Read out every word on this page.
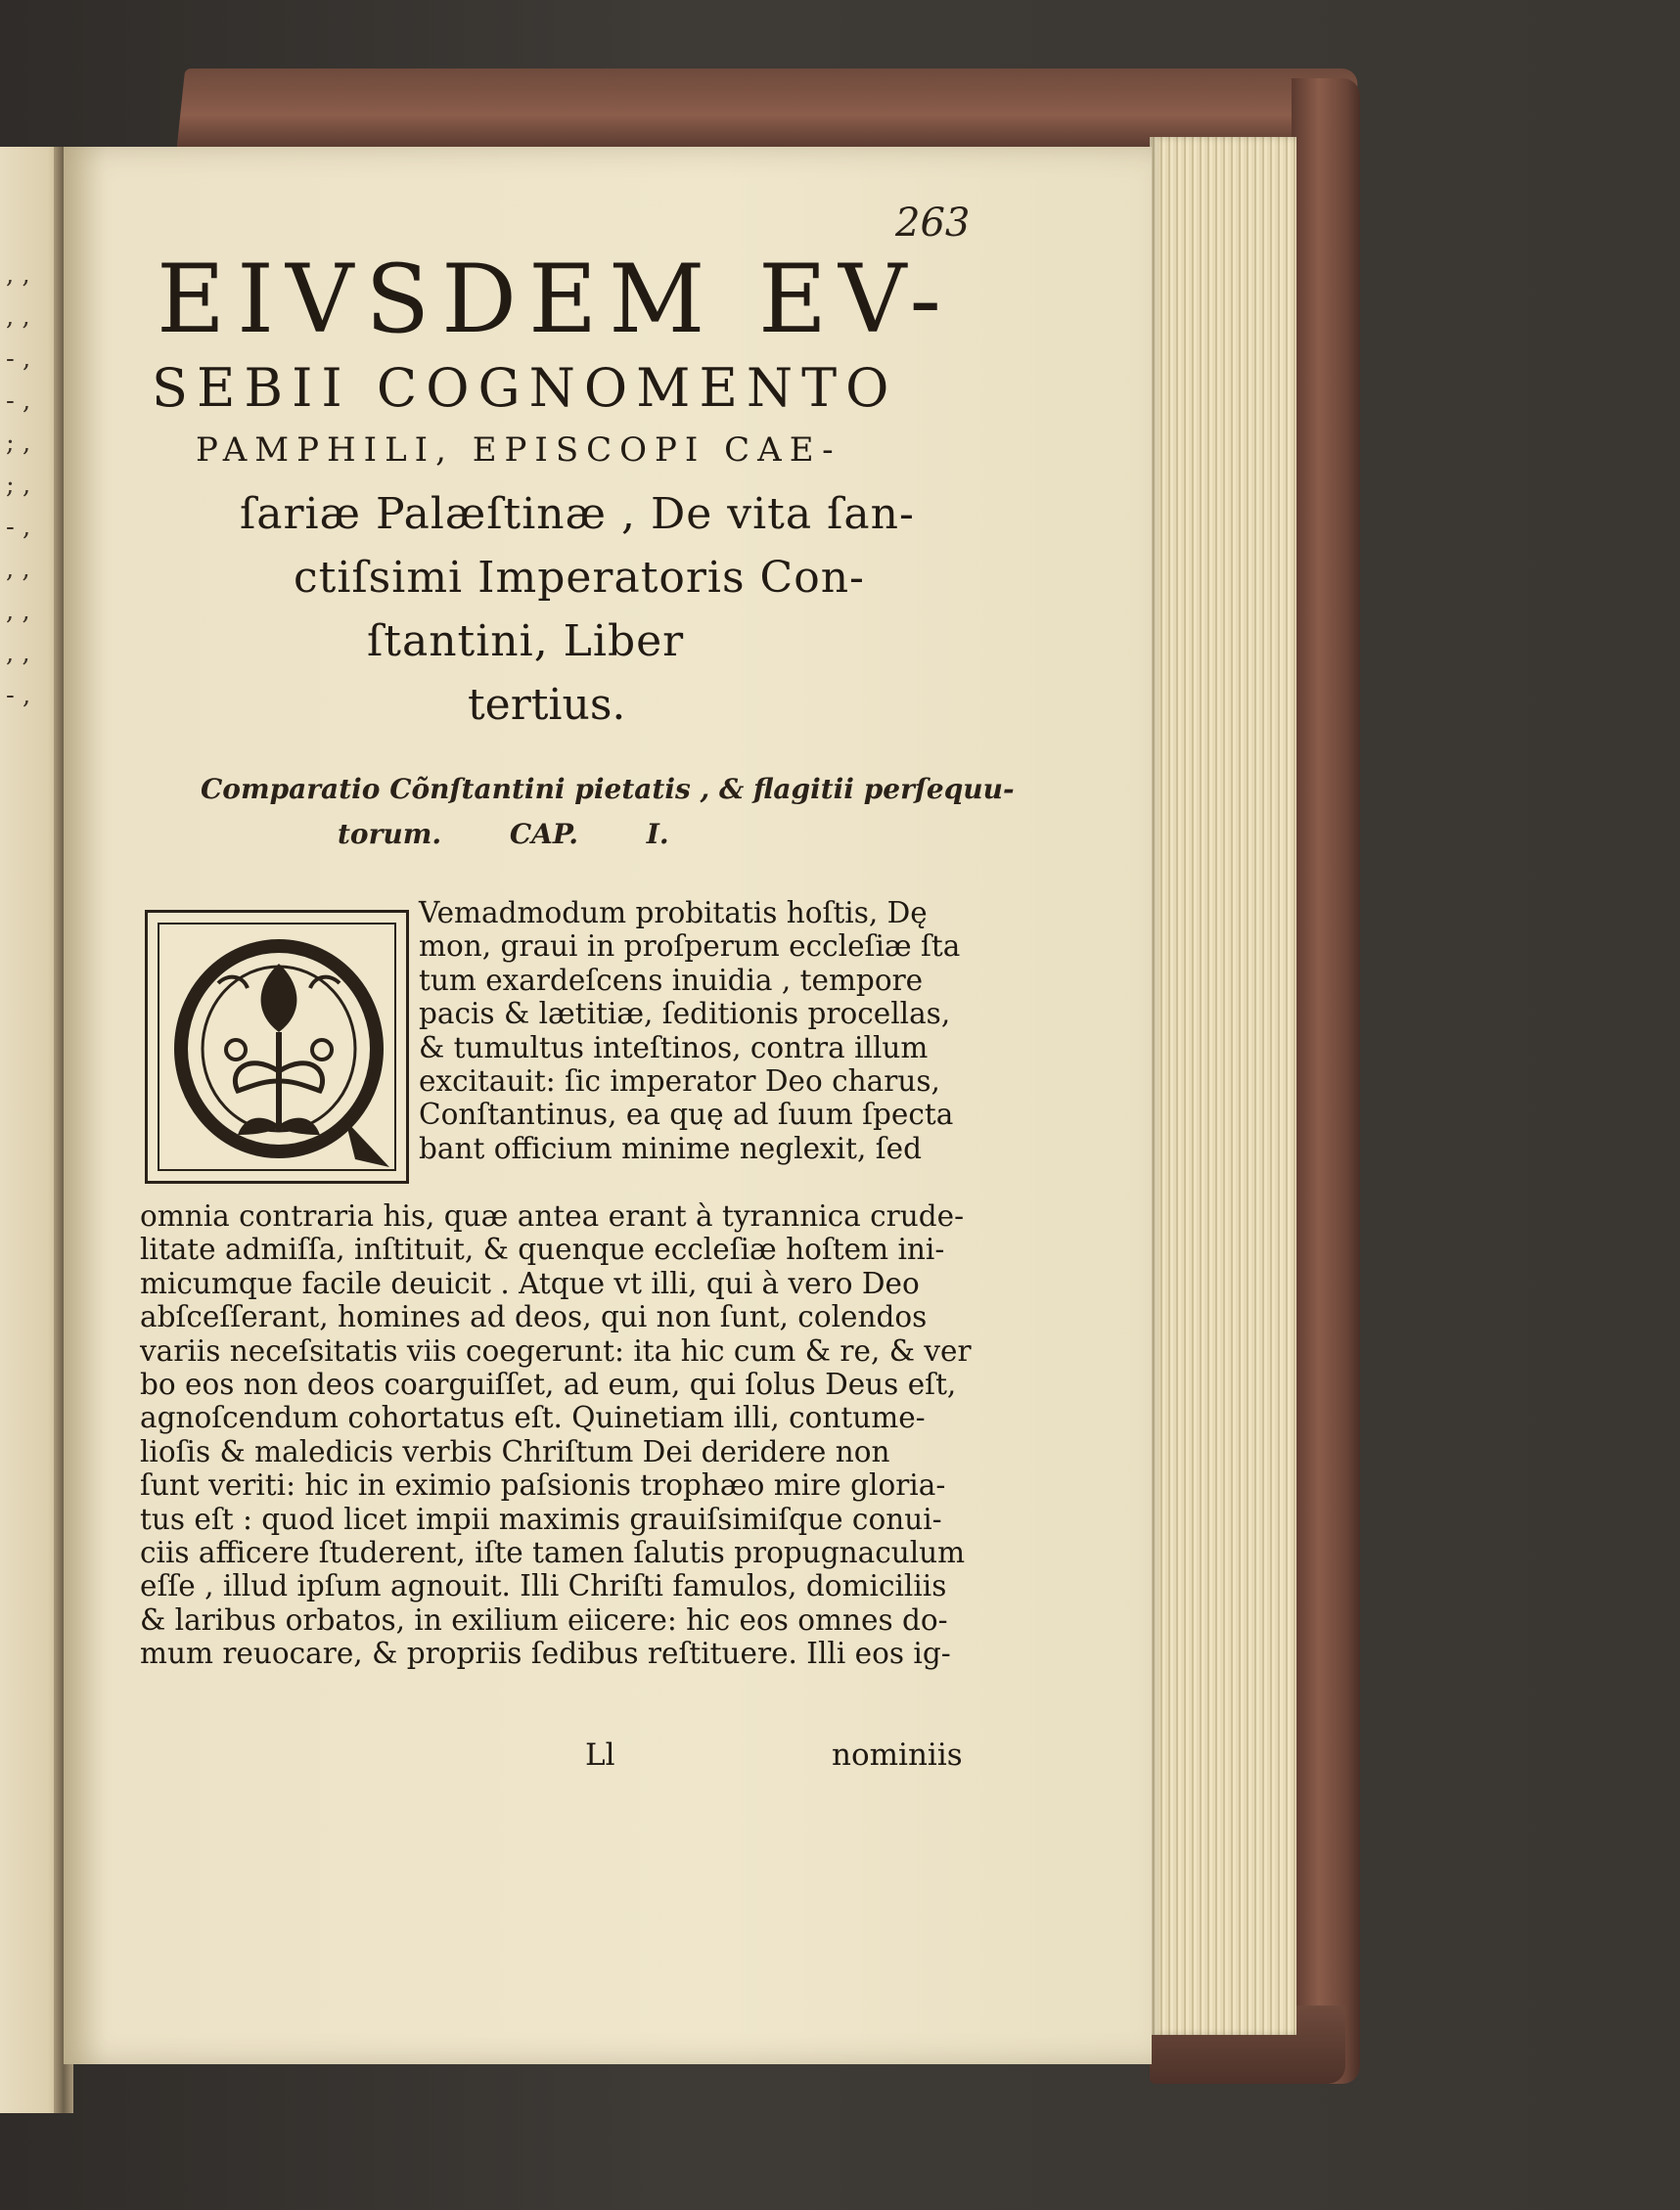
, ,
, ,
- ,
- ,
; ,
; ,
- ,
, ,
, ,
, ,
- ,
263
EIVSDEM EV-
SEBII COGNOMENTO
PAMPHILI, EPISCOPI CAE-
ſariæ Palæſtinæ , De vita ſan-
ctiſsimi Imperatoris Con-
ſtantini, Liber
tertius.
Comparatio Cõnſtantini pietatis , & flagitii perſequu-
torum. CAP. I.
Vemadmodum probitatis hoſtis, Dę
mon, graui in proſperum eccleſiæ ſta
tum exardeſcens inuidia , tempore
pacis & lætitiæ, ſeditionis procellas,
& tumultus inteſtinos, contra illum
excitauit: ſic imperator Deo charus,
Conſtantinus, ea quę ad ſuum ſpecta
bant officium minime neglexit, ſed
omnia contraria his, quæ antea erant à tyrannica crude-
litate admiſſa, inſtituit, & quenque eccleſiæ hoſtem ini-
micumque facile deuicit . Atque vt illi, qui à vero Deo
abſceſſerant, homines ad deos, qui non ſunt, colendos
variis neceſsitatis viis coegerunt: ita hic cum & re, & ver
bo eos non deos coarguiſſet, ad eum, qui ſolus Deus eſt,
agnoſcendum cohortatus eſt. Quinetiam illi, contume-
lioſis & maledicis verbis Chriſtum Dei deridere non
ſunt veriti: hic in eximio paſsionis trophæo mire gloria-
tus eſt : quod licet impii maximis grauiſsimiſque conui-
ciis afficere ſtuderent, iſte tamen ſalutis propugnaculum
eſſe , illud ipſum agnouit. Illi Chriſti famulos, domiciliis
& laribus orbatos, in exilium eiicere: hic eos omnes do-
mum reuocare, & propriis ſedibus reſtituere. Illi eos ig-
Ll	nominiis
